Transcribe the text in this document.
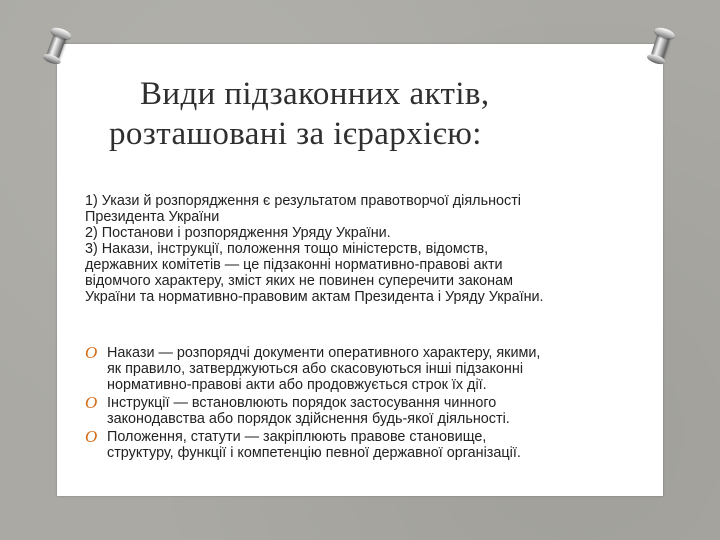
Види підзаконних актів,
розташовані за ієрархією:

1) Укази й розпорядження є результатом правотворчої діяльності

Президента України

2) Постанови і розпорядження Уряду України.

3) Накази, інструкції, положення тощо міністерств, відомств,

державних комітетів — це підзаконні нормативно-правові акти

відомчого характеру, зміст яких не повинен суперечити законам

України та нормативно-правовим актам Президента і Уряду України.

O Накази — розпорядчі документи оперативного характеру, якими,
як правило, затверджуються або скасовуються інші підзаконні
нормативно-правові акти або продовжується строк їх дії.
O Інструкції — встановлюють порядок застосування чинного
законодавства або порядок здійснення будь-якої діяльності.
O Положення, статути — закріплюють правове становище,
структуру, функції і компетенцію певної державної організації.
